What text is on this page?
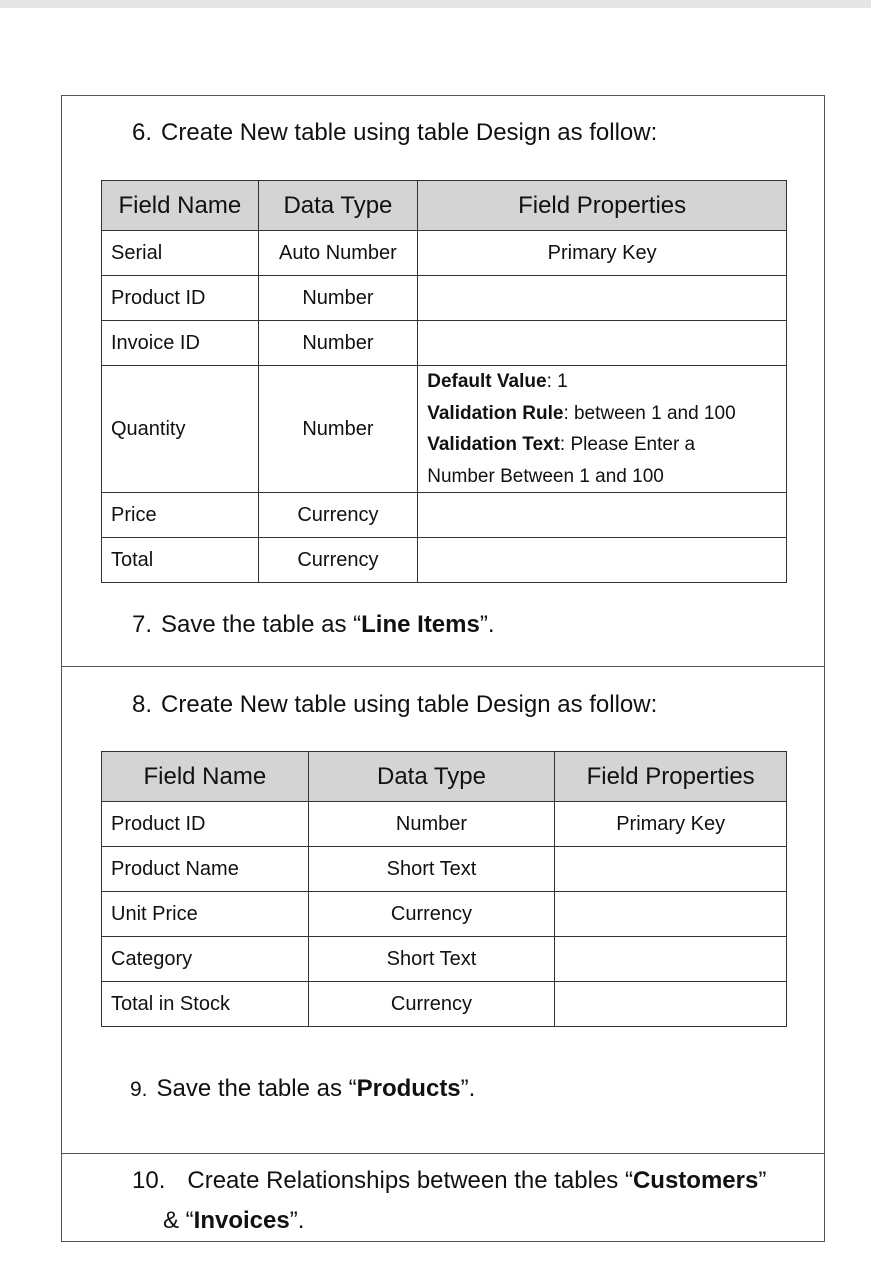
6. Create New table using table Design as follow:
Field Name	Data Type	Field Properties
Serial	Auto Number	Primary Key
Product ID	Number	
Invoice ID	Number	
Quantity	Number	Default Value: 1
Validation Rule: between 1 and 100
Validation Text: Please Enter a
Number Between 1 and 100

Price	Currency	
Total	Currency	
7. Save the table as “Line Items”.
8. Create New table using table Design as follow:
Field Name	Data Type	Field Properties
Product ID	Number	Primary Key
Product Name	Short Text	
Unit Price	Currency	
Category	Short Text	
Total in Stock	Currency	
9. Save the table as “Products”.
10. Create Relationships between the tables “Customers”
& “Invoices”.
